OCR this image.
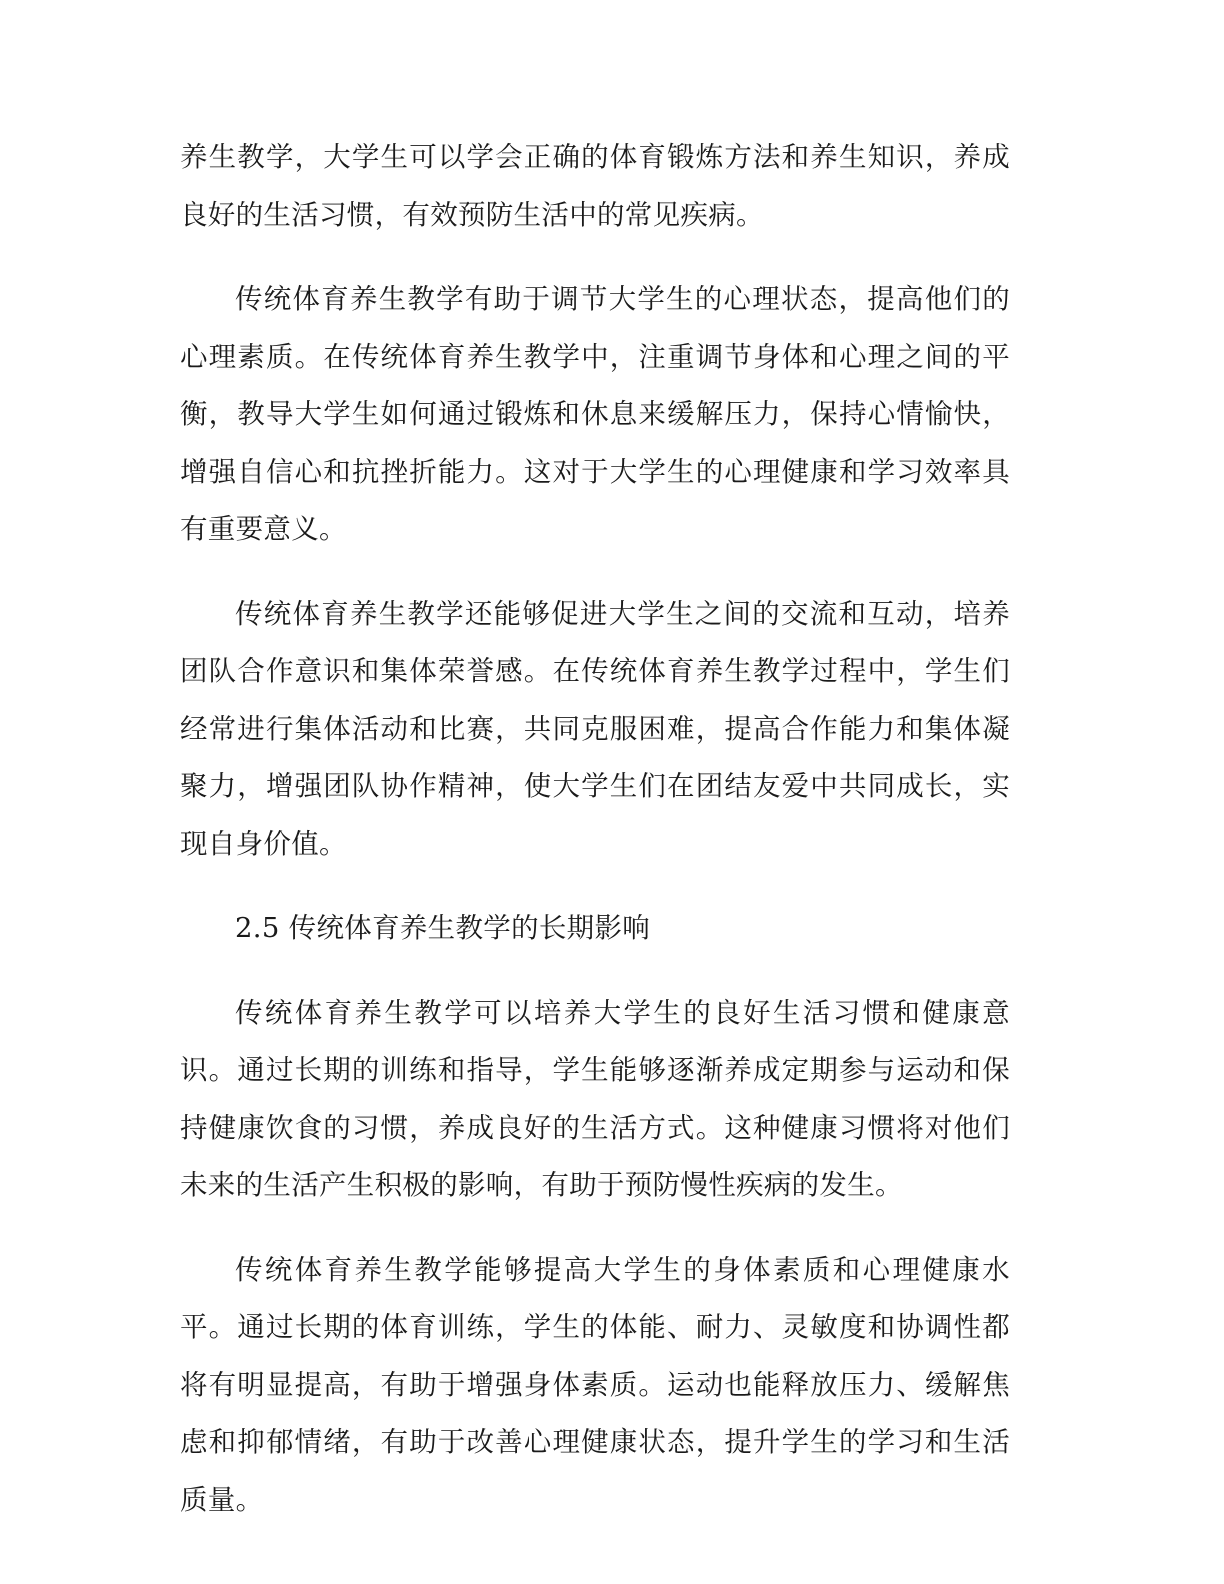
养生教学，大学生可以学会正确的体育锻炼方法和养生知识，养成良好的生活习惯，有效预防生活中的常见疾病。

传统体育养生教学有助于调节大学生的心理状态，提高他们的心理素质。在传统体育养生教学中，注重调节身体和心理之间的平衡，教导大学生如何通过锻炼和休息来缓解压力，保持心情愉快，增强自信心和抗挫折能力。这对于大学生的心理健康和学习效率具有重要意义。

传统体育养生教学还能够促进大学生之间的交流和互动，培养团队合作意识和集体荣誉感。在传统体育养生教学过程中，学生们经常进行集体活动和比赛，共同克服困难，提高合作能力和集体凝聚力，增强团队协作精神，使大学生们在团结友爱中共同成长，实现自身价值。

2.5 传统体育养生教学的长期影响

传统体育养生教学可以培养大学生的良好生活习惯和健康意识。通过长期的训练和指导，学生能够逐渐养成定期参与运动和保持健康饮食的习惯，养成良好的生活方式。这种健康习惯将对他们未来的生活产生积极的影响，有助于预防慢性疾病的发生。

传统体育养生教学能够提高大学生的身体素质和心理健康水平。通过长期的体育训练，学生的体能、耐力、灵敏度和协调性都将有明显提高，有助于增强身体素质。运动也能释放压力、缓解焦虑和抑郁情绪，有助于改善心理健康状态，提升学生的学习和生活质量。
